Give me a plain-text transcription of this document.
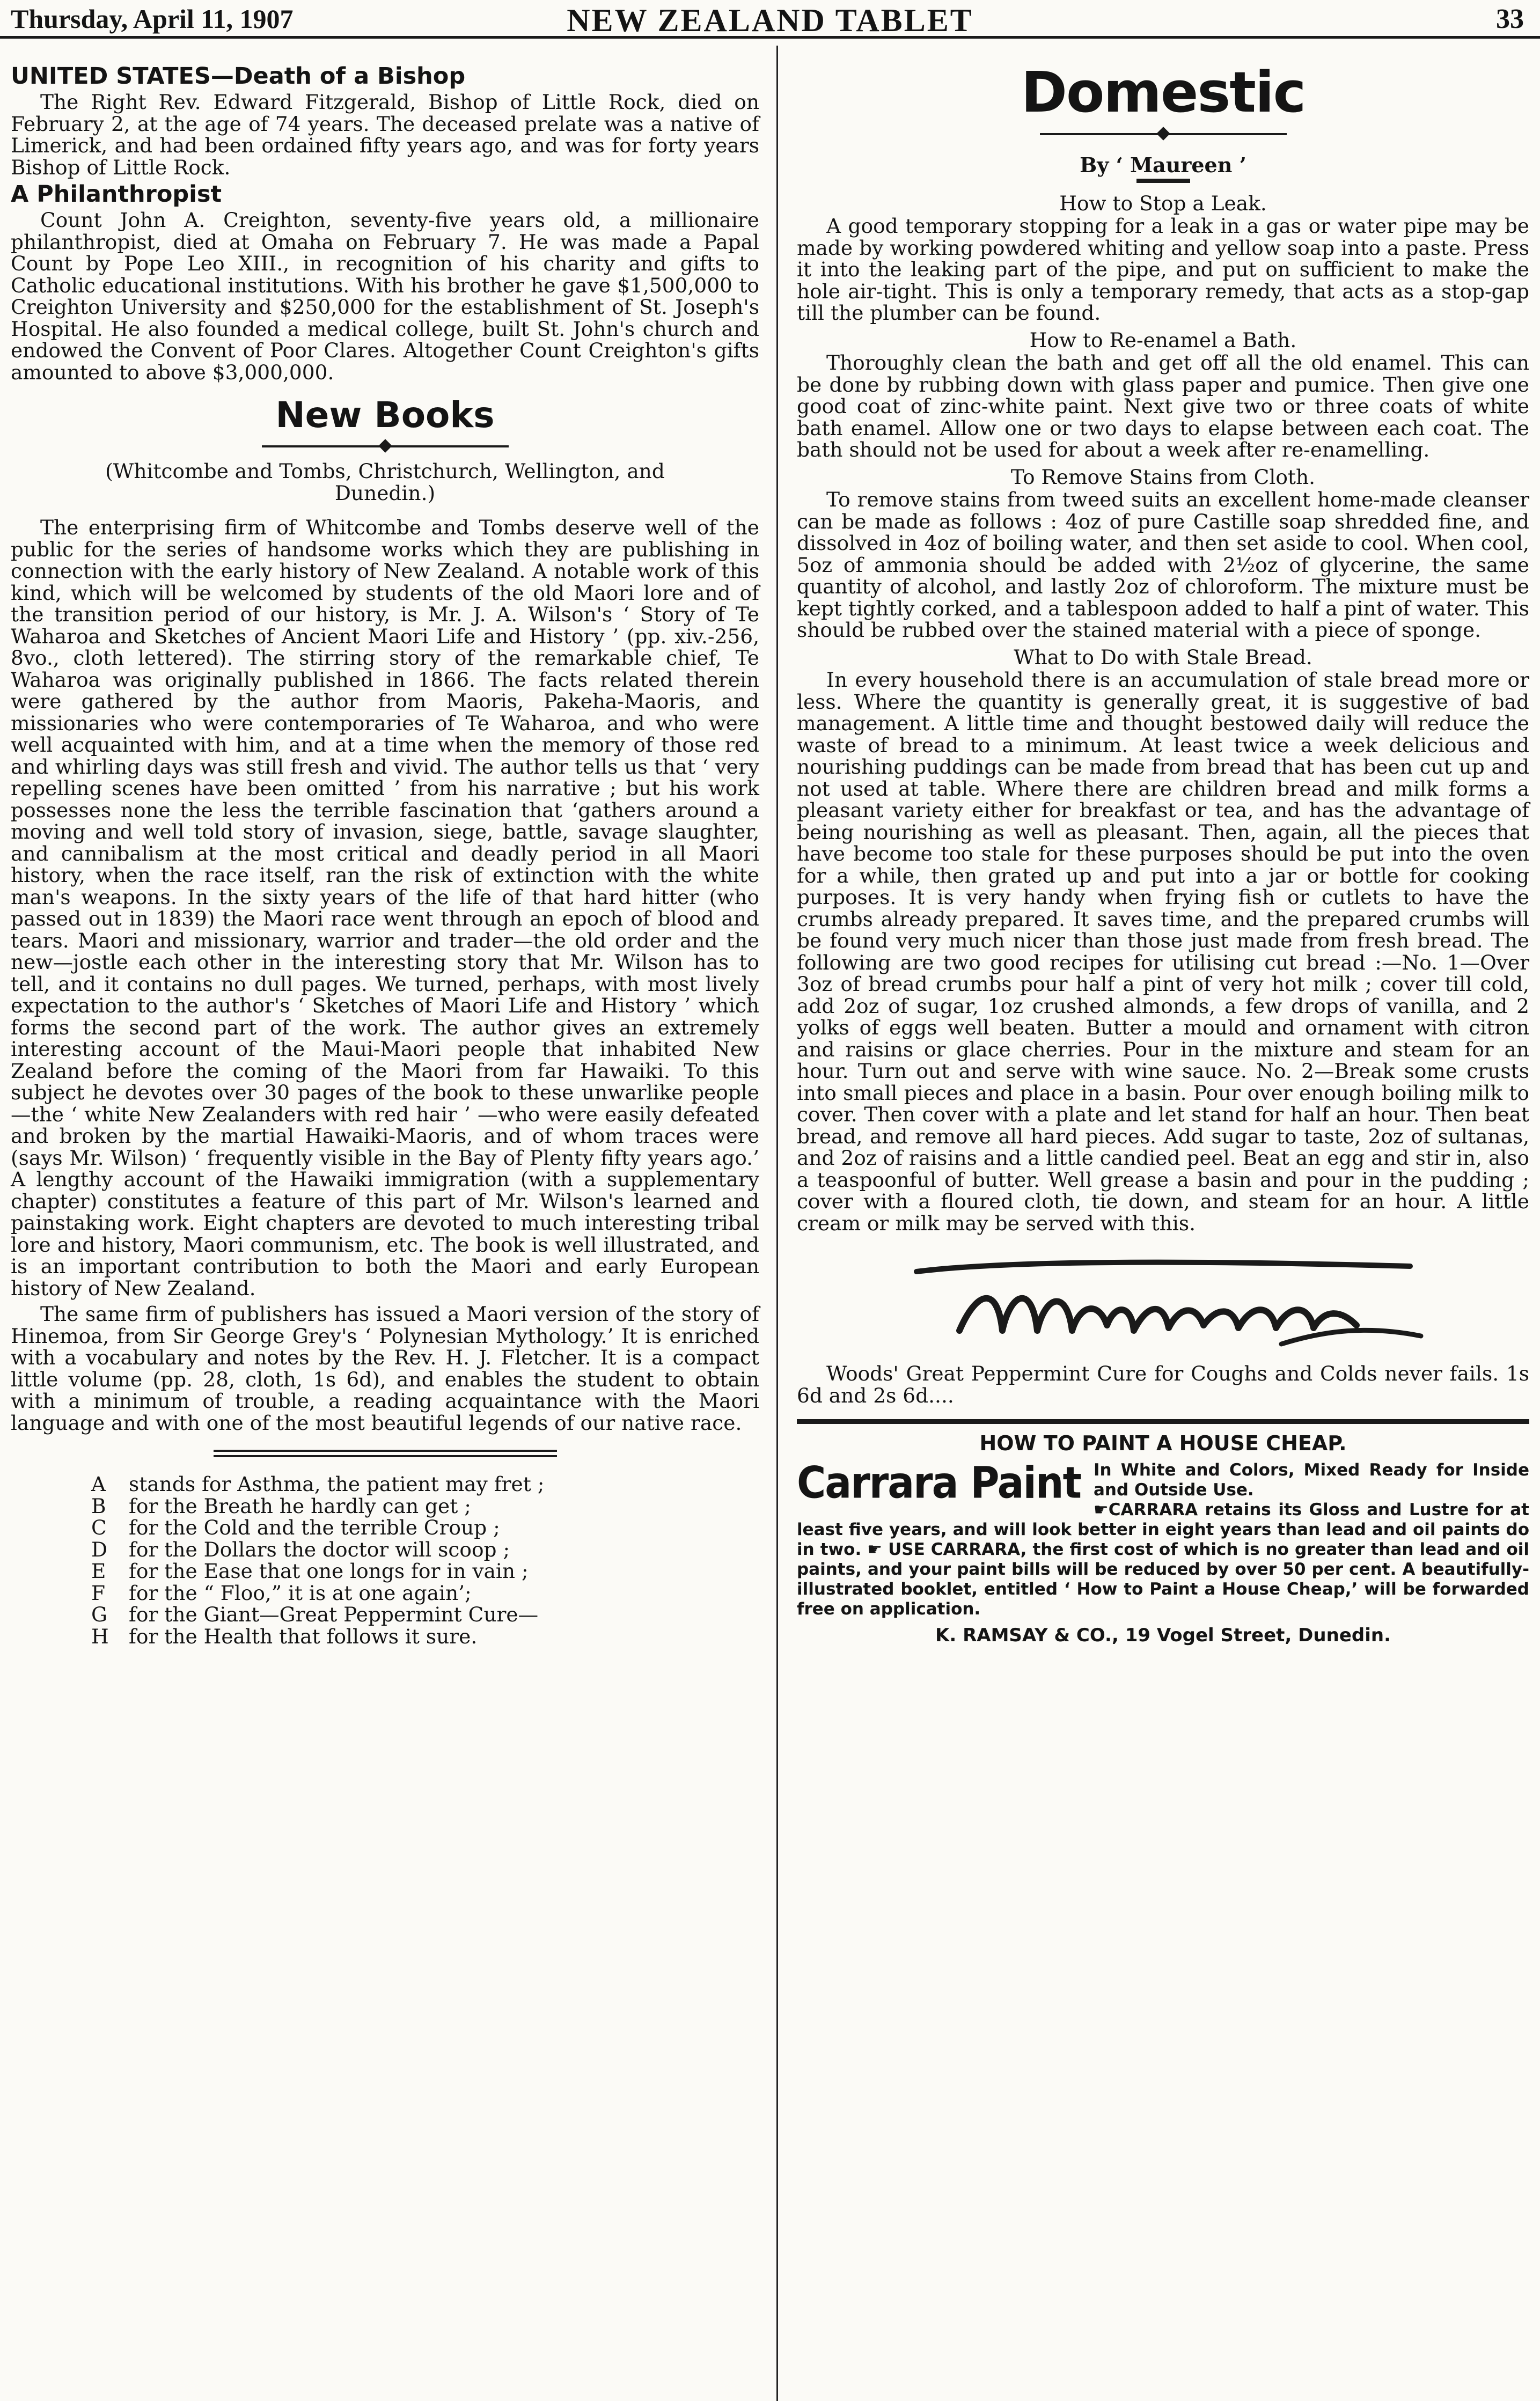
Thursday, April 11, 1907	NEW ZEALAND TABLET	33
UNITED STATES—Death of a Bishop

The Right Rev. Edward Fitzgerald, Bishop of Little Rock, died on February 2, at the age of 74 years. The deceased prelate was a native of Limerick, and had been ordained fifty years ago, and was for forty years Bishop of Little Rock.

A Philanthropist

Count John A. Creighton, seventy-five years old, a millionaire philanthropist, died at Omaha on February 7. He was made a Papal Count by Pope Leo XIII., in recognition of his charity and gifts to Catholic educational institutions. With his brother he gave $1,500,000 to Creighton University and $250,000 for the establishment of St. Joseph's Hospital. He also founded a medical college, built St. John's church and endowed the Convent of Poor Clares. Altogether Count Creighton's gifts amounted to above $3,000,000.

New Books

(Whitcombe and Tombs, Christchurch, Wellington, and Dunedin.)

The enterprising firm of Whitcombe and Tombs deserve well of the public for the series of handsome works which they are publishing in connection with the early history of New Zealand. A notable work of this kind, which will be welcomed by students of the old Maori lore and of the transition period of our history, is Mr. J. A. Wilson's ‘ Story of Te Waharoa and Sketches of Ancient Maori Life and History ’ (pp. xiv.-256, 8vo., cloth lettered). The stirring story of the remarkable chief, Te Waharoa was originally published in 1866. The facts related therein were gathered by the author from Maoris, Pakeha-Maoris, and missionaries who were contemporaries of Te Waharoa, and who were well acquainted with him, and at a time when the memory of those red and whirling days was still fresh and vivid. The author tells us that ‘ very repelling scenes have been omitted ’ from his narrative ; but his work possesses none the less the terrible fascination that ‘gathers around a moving and well told story of invasion, siege, battle, savage slaughter, and cannibalism at the most critical and deadly period in all Maori history, when the race itself, ran the risk of extinction with the white man's weapons. In the sixty years of the life of that hard hitter (who passed out in 1839) the Maori race went through an epoch of blood and tears. Maori and missionary, warrior and trader—the old order and the new—jostle each other in the interesting story that Mr. Wilson has to tell, and it contains no dull pages. We turned, perhaps, with most lively expectation to the author's ‘ Sketches of Maori Life and History ’ which forms the second part of the work. The author gives an extremely interesting account of the Maui-Maori people that inhabited New Zealand before the coming of the Maori from far Hawaiki. To this subject he devotes over 30 pages of the book to these unwarlike people—the ‘ white New Zealanders with red hair ’ —who were easily defeated and broken by the martial Hawaiki-Maoris, and of whom traces were (says Mr. Wilson) ‘ frequently visible in the Bay of Plenty fifty years ago.’ A lengthy account of the Hawaiki immigration (with a supplementary chapter) constitutes a feature of this part of Mr. Wilson's learned and painstaking work. Eight chapters are devoted to much interesting tribal lore and history, Maori communism, etc. The book is well illustrated, and is an important contribution to both the Maori and early European history of New Zealand.

The same firm of publishers has issued a Maori version of the story of Hinemoa, from Sir George Grey's ‘ Polynesian Mythology.’ It is enriched with a vocabulary and notes by the Rev. H. J. Fletcher. It is a compact little volume (pp. 28, cloth, 1s 6d), and enables the student to obtain with a minimum of trouble, a reading acquaintance with the Maori language and with one of the most beautiful legends of our native race.

A stands for Asthma, the patient may fret ;
B for the Breath he hardly can get ;
C for the Cold and the terrible Croup ;
D for the Dollars the doctor will scoop ;
E for the Ease that one longs for in vain ;
F for the “ Floo,” it is at one again’;
G for the Giant—Great Peppermint Cure—
H for the Health that follows it sure.
Domestic
By ‘ Maureen ’

How to Stop a Leak.

A good temporary stopping for a leak in a gas or water pipe may be made by working powdered whiting and yellow soap into a paste. Press it into the leaking part of the pipe, and put on sufficient to make the hole air-tight. This is only a temporary remedy, that acts as a stop-gap till the plumber can be found.

How to Re-enamel a Bath.

Thoroughly clean the bath and get off all the old enamel. This can be done by rubbing down with glass paper and pumice. Then give one good coat of zinc-white paint. Next give two or three coats of white bath enamel. Allow one or two days to elapse between each coat. The bath should not be used for about a week after re-enamelling.

To Remove Stains from Cloth.

To remove stains from tweed suits an excellent home-made cleanser can be made as follows : 4oz of pure Castille soap shredded fine, and dissolved in 4oz of boiling water, and then set aside to cool. When cool, 5oz of ammonia should be added with 2½oz of glycerine, the same quantity of alcohol, and lastly 2oz of chloroform. The mixture must be kept tightly corked, and a tablespoon added to half a pint of water. This should be rubbed over the stained material with a piece of sponge.

What to Do with Stale Bread.

In every household there is an accumulation of stale bread more or less. Where the quantity is generally great, it is suggestive of bad management. A little time and thought bestowed daily will reduce the waste of bread to a minimum. At least twice a week delicious and nourishing puddings can be made from bread that has been cut up and not used at table. Where there are children bread and milk forms a pleasant variety either for breakfast or tea, and has the advantage of being nourishing as well as pleasant. Then, again, all the pieces that have become too stale for these purposes should be put into the oven for a while, then grated up and put into a jar or bottle for cooking purposes. It is very handy when frying fish or cutlets to have the crumbs already prepared. It saves time, and the prepared crumbs will be found very much nicer than those just made from fresh bread. The following are two good recipes for utilising cut bread :—No. 1—Over 3oz of bread crumbs pour half a pint of very hot milk ; cover till cold, add 2oz of sugar, 1oz crushed almonds, a few drops of vanilla, and 2 yolks of eggs well beaten. Butter a mould and ornament with citron and raisins or glace cherries. Pour in the mixture and steam for an hour. Turn out and serve with wine sauce. No. 2—Break some crusts into small pieces and place in a basin. Pour over enough boiling milk to cover. Then cover with a plate and let stand for half an hour. Then beat bread, and remove all hard pieces. Add sugar to taste, 2oz of sultanas, and 2oz of raisins and a little candied peel. Beat an egg and stir in, also a teaspoonful of butter. Well grease a basin and pour in the pudding ; cover with a floured cloth, tie down, and steam for an hour. A little cream or milk may be served with this.

Woods' Great Peppermint Cure for Coughs and Colds never fails. 1s 6d and 2s 6d....

HOW TO PAINT A HOUSE CHEAP.
Carrara Paint In White and Colors, Mixed Ready for Inside and Outside Use.
☛CARRARA retains its Gloss and Lustre for at least five years, and will look better in eight years than lead and oil paints do in two. ☛ USE CARRARA, the first cost of which is no greater than lead and oil paints, and your paint bills will be reduced by over 50 per cent. A beautifully-illustrated booklet, entitled ‘ How to Paint a House Cheap,’ will be forwarded free on application.
K. RAMSAY & CO., 19 Vogel Street, Dunedin.
